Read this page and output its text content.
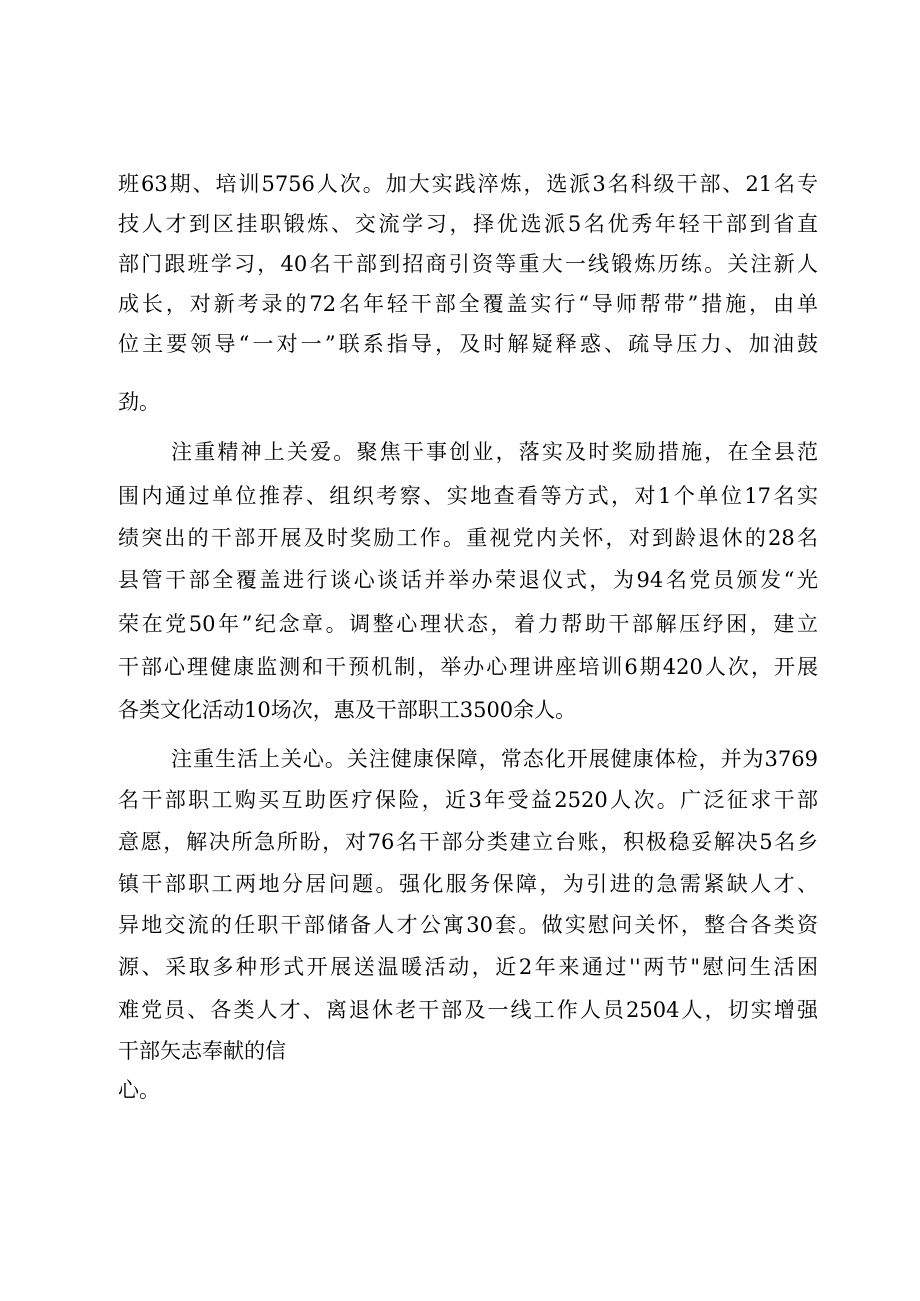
班63期、培训5756人次。加大实践淬炼，选派3名科级干部、21名专
技人才到区挂职锻炼、交流学习，择优选派5名优秀年轻干部到省直
部门跟班学习，40名干部到招商引资等重大一线锻炼历练。关注新人
成长，对新考录的72名年轻干部全覆盖实行“导师帮带”措施，由单
位主要领导“一对一”联系指导，及时解疑释惑、疏导压力、加油鼓
劲。
注重精神上关爱。聚焦干事创业，落实及时奖励措施，在全县范
围内通过单位推荐、组织考察、实地查看等方式，对1个单位17名实
绩突出的干部开展及时奖励工作。重视党内关怀，对到龄退休的28名
县管干部全覆盖进行谈心谈话并举办荣退仪式，为94名党员颁发“光
荣在党50年”纪念章。调整心理状态，着力帮助干部解压纾困，建立
干部心理健康监测和干预机制，举办心理讲座培训6期420人次，开展
各类文化活动10场次，惠及干部职工3500余人。
注重生活上关心。关注健康保障，常态化开展健康体检，并为3769
名干部职工购买互助医疗保险，近3年受益2520人次。广泛征求干部
意愿，解决所急所盼，对76名干部分类建立台账，积极稳妥解决5名乡
镇干部职工两地分居问题。强化服务保障，为引进的急需紧缺人才、
异地交流的任职干部储备人才公寓30套。做实慰问关怀，整合各类资
源、采取多种形式开展送温暖活动，近2年来通过''两节"慰问生活困
难党员、各类人才、离退休老干部及一线工作人员2504人，切实增强
干部矢志奉献的信
心。
